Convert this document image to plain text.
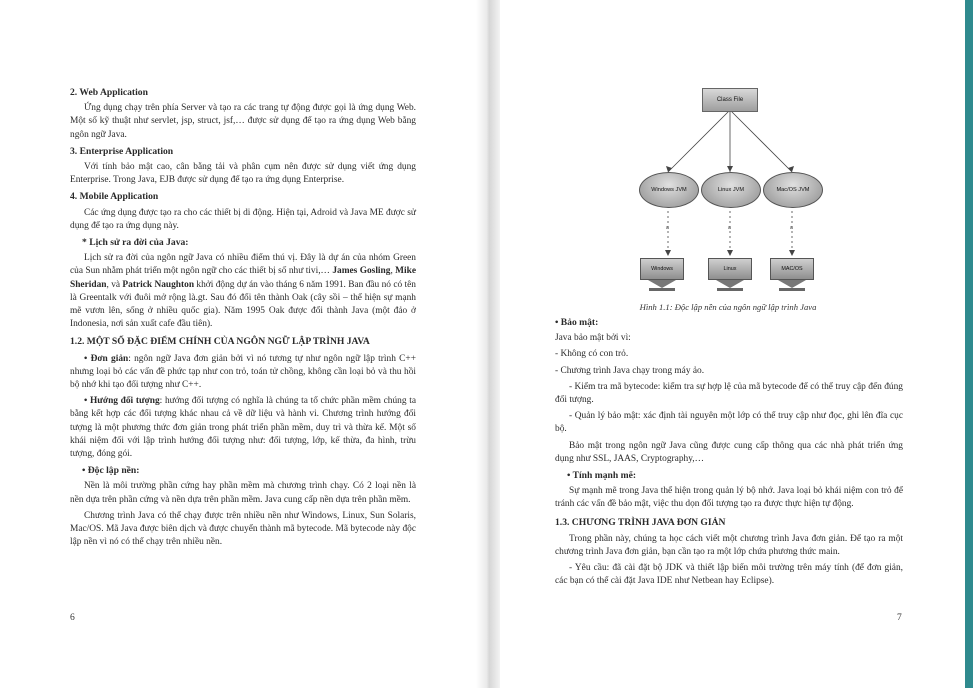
2. Web Application

Ứng dụng chạy trên phía Server và tạo ra các trang tự động được gọi là ứng dụng Web. Một số kỹ thuật như servlet, jsp, struct, jsf,… được sử dụng để tạo ra ứng dụng Web bằng ngôn ngữ Java.

3. Enterprise Application

Với tính bảo mật cao, cân bằng tải và phân cụm nên được sử dụng viết ứng dụng Enterprise. Trong Java, EJB được sử dụng để tạo ra ứng dụng Enterprise.

4. Mobile Application

Các ứng dụng được tạo ra cho các thiết bị di động. Hiện tại, Adroid và Java ME được sử dụng để tạo ra ứng dụng này.

* Lịch sử ra đời của Java:

Lịch sử ra đời của ngôn ngữ Java có nhiều điểm thú vị. Đây là dự án của nhóm Green của Sun nhằm phát triển một ngôn ngữ cho các thiết bị số như tivi,… James Gosling, Mike Sheridan, và Patrick Naughton khởi động dự án vào tháng 6 năm 1991. Ban đầu nó có tên là Greentalk với đuôi mở rộng là.gt. Sau đó đổi tên thành Oak (cây sồi – thể hiện sự mạnh mẽ vươn lên, sống ở nhiều quốc gia). Năm 1995 Oak được đổi thành Java (một đảo ở Indonesia, nơi sản xuất cafe đầu tiên).

1.2. MỘT SỐ ĐẶC ĐIỂM CHÍNH CỦA NGÔN NGỮ LẬP TRÌNH JAVA

• Đơn giản: ngôn ngữ Java đơn giản bởi vì nó tương tự như ngôn ngữ lập trình C++ nhưng loại bỏ các vấn đề phức tạp như con trỏ, toán tử chồng, không cần loại bỏ và thu hồi bộ nhớ khi tạo đối tượng như C++.

• Hướng đối tượng: hướng đối tượng có nghĩa là chúng ta tổ chức phần mềm chúng ta bằng kết hợp các đối tượng khác nhau cả về dữ liệu và hành vi. Chương trình hướng đối tượng là một phương thức đơn giản trong phát triển phần mềm, duy trì và thừa kế. Một số khái niệm đối với lập trình hướng đối tượng như: đối tượng, lớp, kế thừa, đa hình, trừu tượng, đóng gói.

• Độc lập nền:

Nền là môi trường phần cứng hay phần mềm mà chương trình chạy. Có 2 loại nền là nền dựa trên phần cứng và nền dựa trên phần mềm. Java cung cấp nền dựa trên phần mềm.

Chương trình Java có thể chạy được trên nhiều nền như Windows, Linux, Sun Solaris, Mac/OS. Mã Java được biên dịch và được chuyển thành mã bytecode. Mã bytecode này độc lập nền vì nó có thể chạy trên nhiều nền.

6
Class File
Windows JVM	Linux JVM	Mac/OS JVM
a	a	a
Windows	Linux	MAC/OS
Hình 1.1: Độc lập nền của ngôn ngữ lập trình Java
• Bảo mật:

Java bảo mật bởi vì:

- Không có con trỏ.

- Chương trình Java chạy trong máy ảo.

- Kiểm tra mã bytecode: kiểm tra sự hợp lệ của mã bytecode để có thể truy cập đến đúng đối tượng.

- Quản lý bảo mật: xác định tài nguyên một lớp có thể truy cập như đọc, ghi lên đĩa cục bộ.

Bảo mật trong ngôn ngữ Java cũng được cung cấp thông qua các nhà phát triển ứng dụng như SSL, JAAS, Cryptography,…

• Tính mạnh mẽ:

Sự mạnh mẽ trong Java thể hiện trong quản lý bộ nhớ. Java loại bỏ khái niệm con trỏ để tránh các vấn đề bảo mật, việc thu dọn đối tượng tạo ra được thực hiện tự động.

1.3. CHƯƠNG TRÌNH JAVA ĐƠN GIẢN

Trong phần này, chúng ta học cách viết một chương trình Java đơn giản. Để tạo ra một chương trình Java đơn giản, bạn cần tạo ra một lớp chứa phương thức main.

- Yêu cầu: đã cài đặt bộ JDK và thiết lập biến môi trường trên máy tính (để đơn giản, các bạn có thể cài đặt Java IDE như Netbean hay Eclipse).

7
